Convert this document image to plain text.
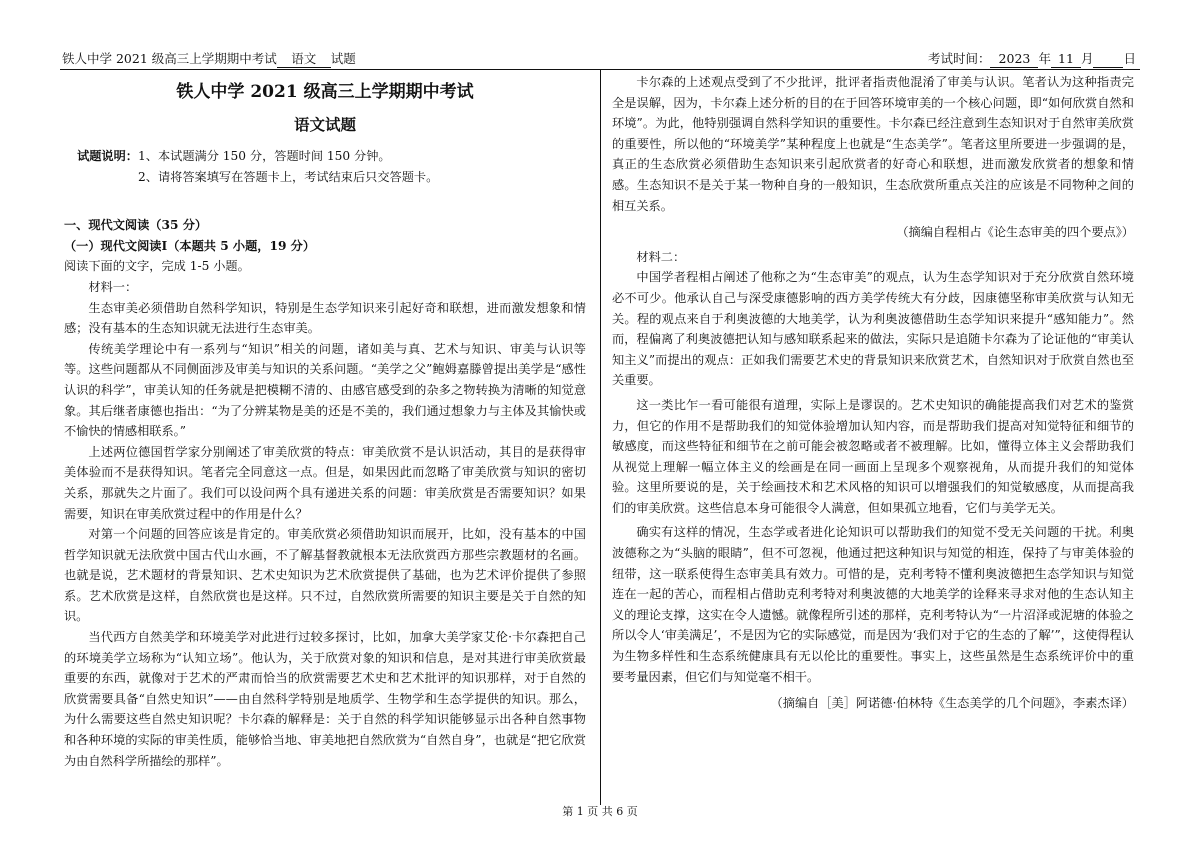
铁人中学 2021 级高三上学期期中考试 语文 试题	考试时间： 2023 年 11 月 日

铁人中学 2021 级高三上学期期中考试

语文试题

试题说明： 1、本试题满分 150 分，答题时间 150 分钟。
2、请将答案填写在答题卡上，考试结束后只交答题卡。

一、现代文阅读（35 分）

（一）现代文阅读Ⅰ（本题共 5 小题，19 分）

阅读下面的文字，完成 1-5 小题。

材料一：

生态审美必须借助自然科学知识，特别是生态学知识来引起好奇和联想，进而激发想象和情感；没有基本的生态知识就无法进行生态审美。

传统美学理论中有一系列与“知识”相关的问题，诸如美与真、艺术与知识、审美与认识等等。这些问题都从不同侧面涉及审美与知识的关系问题。“美学之父”鲍姆嘉滕曾提出美学是“感性认识的科学”，审美认知的任务就是把模糊不清的、由感官感受到的杂多之物转换为清晰的知觉意象。其后继者康德也指出：“为了分辨某物是美的还是不美的，我们通过想象力与主体及其愉快或不愉快的情感相联系。”

上述两位德国哲学家分别阐述了审美欣赏的特点：审美欣赏不是认识活动，其目的是获得审美体验而不是获得知识。笔者完全同意这一点。但是，如果因此而忽略了审美欣赏与知识的密切关系，那就失之片面了。我们可以设问两个具有递进关系的问题：审美欣赏是否需要知识？如果需要，知识在审美欣赏过程中的作用是什么？

对第一个问题的回答应该是肯定的。审美欣赏必须借助知识而展开，比如，没有基本的中国哲学知识就无法欣赏中国古代山水画，不了解基督教就根本无法欣赏西方那些宗教题材的名画。也就是说，艺术题材的背景知识、艺术史知识为艺术欣赏提供了基础，也为艺术评价提供了参照系。艺术欣赏是这样，自然欣赏也是这样。只不过，自然欣赏所需要的知识主要是关于自然的知识。

当代西方自然美学和环境美学对此进行过较多探讨，比如，加拿大美学家艾伦·卡尔森把自己的环境美学立场称为“认知立场”。他认为，关于欣赏对象的知识和信息，是对其进行审美欣赏最重要的东西，就像对于艺术的严肃而恰当的欣赏需要艺术史和艺术批评的知识那样，对于自然的欣赏需要具备“自然史知识”——由自然科学特别是地质学、生物学和生态学提供的知识。那么，为什么需要这些自然史知识呢？卡尔森的解释是：关于自然的科学知识能够显示出各种自然事物和各种环境的实际的审美性质，能够恰当地、审美地把自然欣赏为“自然自身”，也就是“把它欣赏为由自然科学所描绘的那样”。

卡尔森的上述观点受到了不少批评，批评者指责他混淆了审美与认识。笔者认为这种指责完全是误解，因为，卡尔森上述分析的目的在于回答环境审美的一个核心问题，即“如何欣赏自然和环境”。为此，他特别强调自然科学知识的重要性。卡尔森已经注意到生态知识对于自然审美欣赏的重要性，所以他的“环境美学”某种程度上也就是“生态美学”。笔者这里所要进一步强调的是，真正的生态欣赏必须借助生态知识来引起欣赏者的好奇心和联想，进而激发欣赏者的想象和情感。生态知识不是关于某一物种自身的一般知识，生态欣赏所重点关注的应该是不同物种之间的相互关系。

（摘编自程相占《论生态审美的四个要点》）

材料二：

中国学者程相占阐述了他称之为“生态审美”的观点，认为生态学知识对于充分欣赏自然环境必不可少。他承认自己与深受康德影响的西方美学传统大有分歧，因康德坚称审美欣赏与认知无关。程的观点来自于利奥波德的大地美学，认为利奥波德借助生态学知识来提升“感知能力”。然而，程偏离了利奥波德把认知与感知联系起来的做法，实际只是追随卡尔森为了论证他的“审美认知主义”而提出的观点：正如我们需要艺术史的背景知识来欣赏艺术，自然知识对于欣赏自然也至关重要。

这一类比乍一看可能很有道理，实际上是谬误的。艺术史知识的确能提高我们对艺术的鉴赏力，但它的作用不是帮助我们的知觉体验增加认知内容，而是帮助我们提高对知觉特征和细节的敏感度，而这些特征和细节在之前可能会被忽略或者不被理解。比如，懂得立体主义会帮助我们从视觉上理解一幅立体主义的绘画是在同一画面上呈现多个观察视角，从而提升我们的知觉体验。这里所要说的是，关于绘画技术和艺术风格的知识可以增强我们的知觉敏感度，从而提高我们的审美欣赏。这些信息本身可能很令人满意，但如果孤立地看，它们与美学无关。

确实有这样的情况，生态学或者进化论知识可以帮助我们的知觉不受无关问题的干扰。利奥波德称之为“头脑的眼睛”，但不可忽视，他通过把这种知识与知觉的相连，保持了与审美体验的纽带，这一联系使得生态审美具有效力。可惜的是，克利考特不懂利奥波德把生态学知识与知觉连在一起的苦心，而程相占借助克利考特对利奥波德的大地美学的诠释来寻求对他的生态认知主义的理论支撑，这实在令人遗憾。就像程所引述的那样，克利考特认为“一片沼泽或泥塘的体验之所以令人‘审美满足’，不是因为它的实际感觉，而是因为‘我们对于它的生态的了解’”，这使得程认为生物多样性和生态系统健康具有无以伦比的重要性。事实上，这些虽然是生态系统评价中的重要考量因素，但它们与知觉毫不相干。

（摘编自［美］阿诺德·伯林特《生态美学的几个问题》，李素杰译）

第 1 页 共 6 页
